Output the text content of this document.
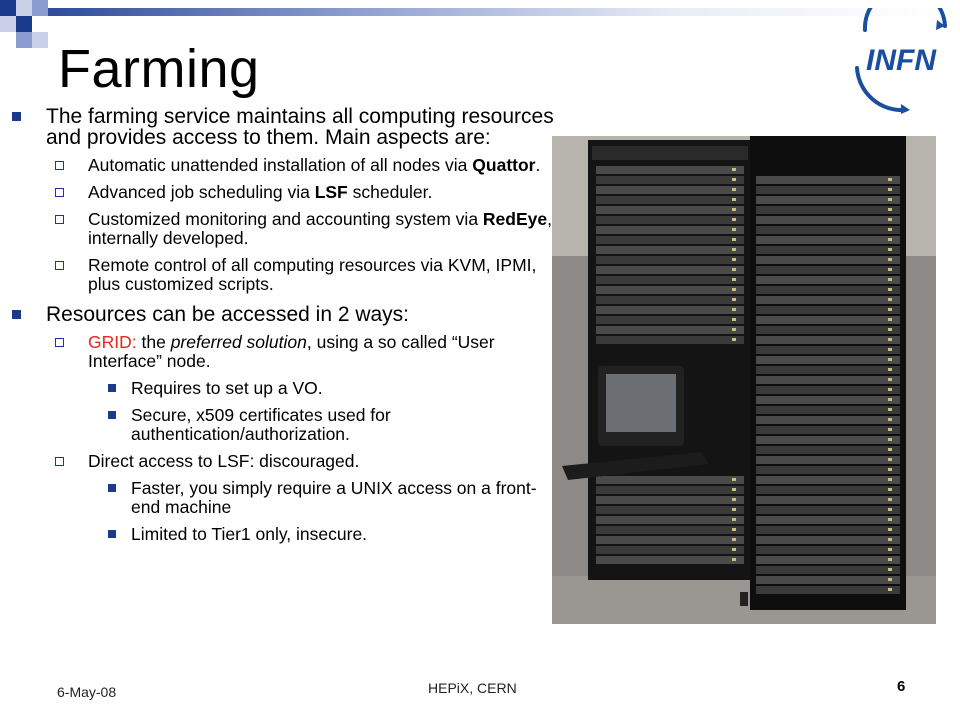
Farming	INFN
The farming service maintains all computing resources and provides access to them. Main aspects are:
Automatic unattended installation of all nodes via Quattor.
Advanced job scheduling via LSF scheduler.
Customized monitoring and accounting system via RedEye, internally developed.
Remote control of all computing resources via KVM, IPMI, plus customized scripts.
Resources can be accessed in 2 ways:
GRID: the preferred solution, using a so called “User Interface” node.
Requires to set up a VO.
Secure, x509 certificates used for authentication/authorization.
Direct access to LSF: discouraged.
Faster, you simply require a UNIX access on a front-end machine
Limited to Tier1 only, insecure.
6-May-08	HEPiX, CERN	6
